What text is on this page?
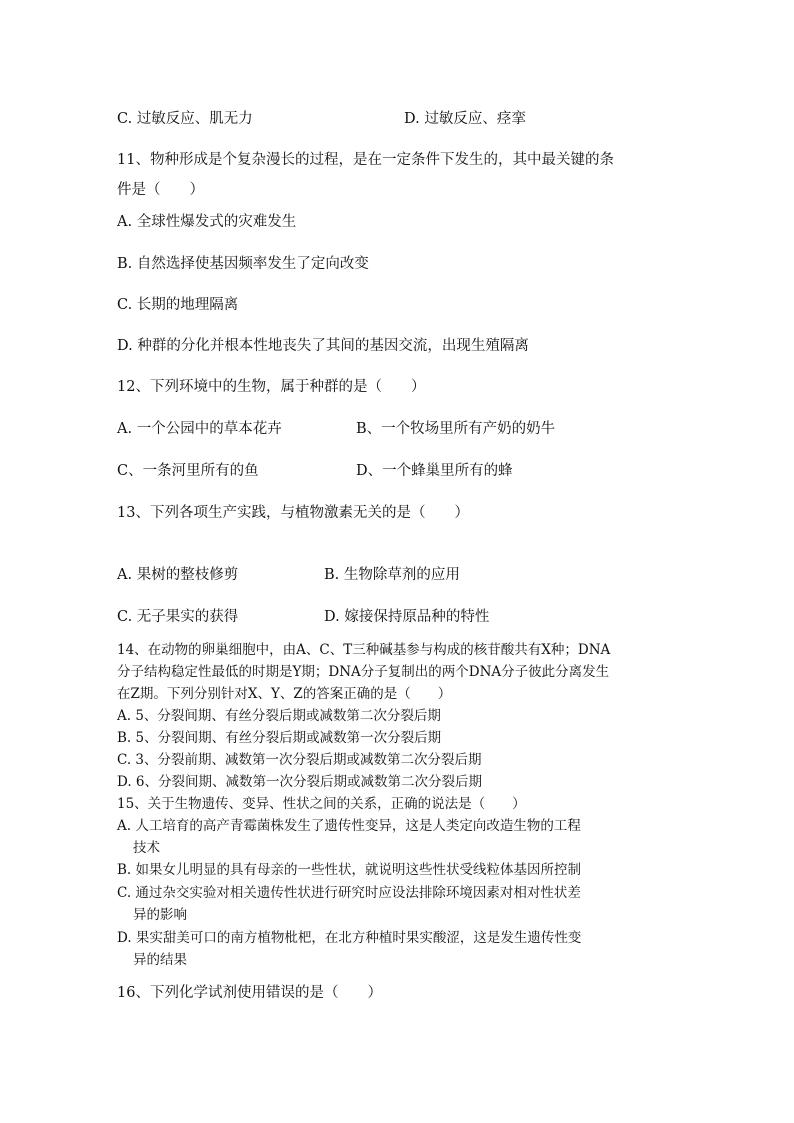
C. 过敏反应、肌无力	D. 过敏反应、痉挛
11、物种形成是个复杂漫长的过程，是在一定条件下发生的，其中最关键的条
件是（　　）
A. 全球性爆发式的灾难发生
B. 自然选择使基因频率发生了定向改变
C. 长期的地理隔离
D. 种群的分化并根本性地丧失了其间的基因交流，出现生殖隔离
12、下列环境中的生物，属于种群的是（　　）
A. 一个公园中的草本花卉	B、一个牧场里所有产奶的奶牛
C、一条河里所有的鱼	D、一个蜂巢里所有的蜂
13、下列各项生产实践，与植物激素无关的是（　　）
A. 果树的整枝修剪	B. 生物除草剂的应用
C. 无子果实的获得	D. 嫁接保持原品种的特性
14、在动物的卵巢细胞中，由A、C、T三种碱基参与构成的核苷酸共有X种；DNA
分子结构稳定性最低的时期是Y期；DNA分子复制出的两个DNA分子彼此分离发生
在Z期。下列分别针对X、Y、Z的答案正确的是（　　）
A. 5、分裂间期、有丝分裂后期或减数第二次分裂后期
B. 5、分裂间期、有丝分裂后期或减数第一次分裂后期
C. 3、分裂前期、减数第一次分裂后期或减数第二次分裂后期
D. 6、分裂间期、减数第一次分裂后期或减数第二次分裂后期
15、关于生物遗传、变异、性状之间的关系，正确的说法是（　　）
A. 人工培育的高产青霉菌株发生了遗传性变异，这是人类定向改造生物的工程
技术
B. 如果女儿明显的具有母亲的一些性状，就说明这些性状受线粒体基因所控制
C. 通过杂交实验对相关遗传性状进行研究时应设法排除环境因素对相对性状差
异的影响
D. 果实甜美可口的南方植物枇杷，在北方种植时果实酸涩，这是发生遗传性变
异的结果
16、下列化学试剂使用错误的是（　　）
